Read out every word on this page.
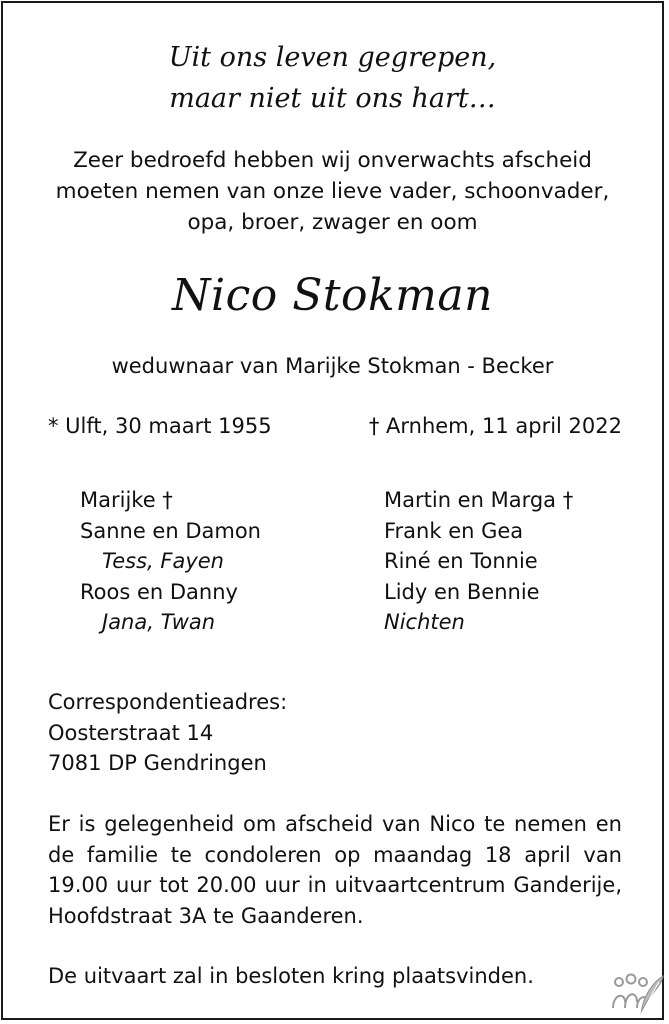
Uit ons leven gegrepen,
maar niet uit ons hart…
Zeer bedroefd hebben wij onverwachts afscheid
moeten nemen van onze lieve vader, schoonvader,
opa, broer, zwager en oom
Nico Stokman
weduwnaar van Marijke Stokman - Becker
* Ulft, 30 maart 1955	† Arnhem, 11 april 2022
Marijke †
Sanne en Damon
Tess, Fayen
Roos en Danny
Jana, Twan
Martin en Marga †
Frank en Gea
Riné en Tonnie
Lidy en Bennie
Nichten
Correspondentieadres:
Oosterstraat 14
7081 DP Gendringen
Er is gelegenheid om afscheid van Nico te nemen en
de familie te condoleren op maandag 18 april van
19.00 uur tot 20.00 uur in uitvaartcentrum Ganderije,
Hoofdstraat 3A te Gaanderen.
De uitvaart zal in besloten kring plaatsvinden.
